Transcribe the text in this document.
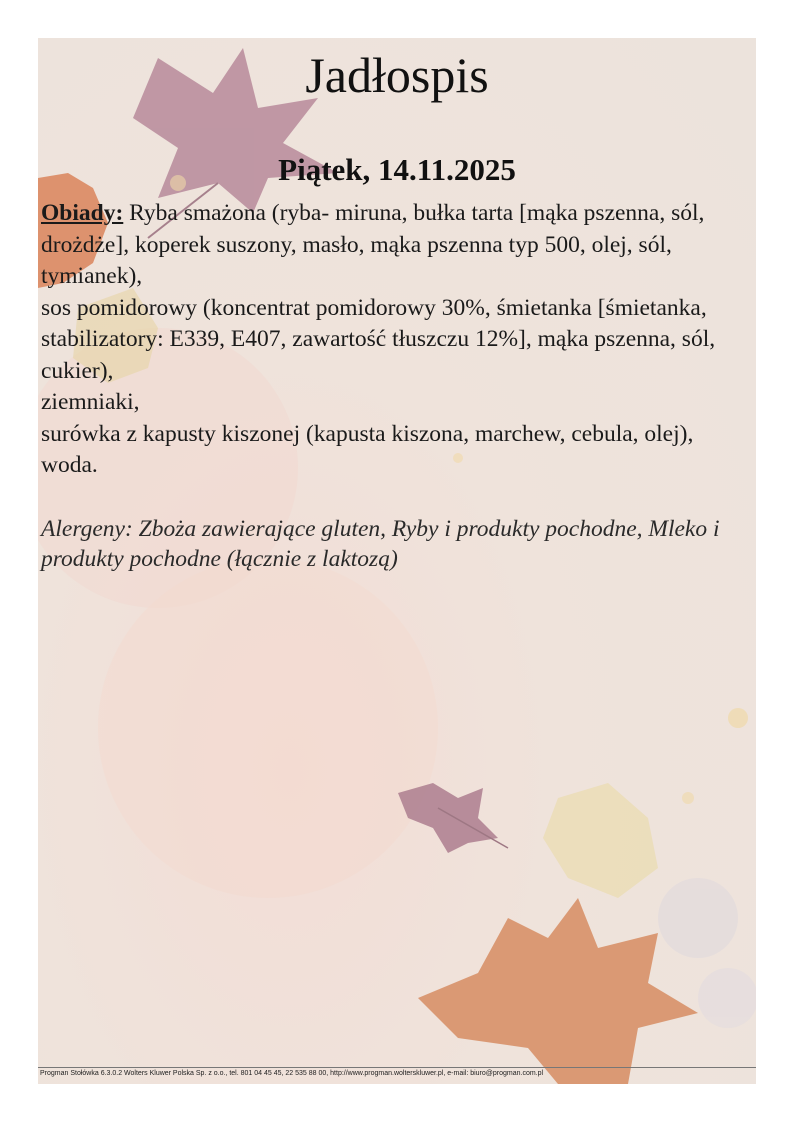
Jadłospis
Piątek, 14.11.2025

Obiady: Ryba smażona (ryba- miruna, bułka tarta [mąka pszenna, sól, drożdże], koperek suszony, masło, mąka pszenna typ 500, olej, sól, tymianek),

sos pomidorowy (koncentrat pomidorowy 30%, śmietanka [śmietanka, stabilizatory: E339, E407, zawartość tłuszczu 12%], mąka pszenna, sól, cukier),

ziemniaki,

surówka z kapusty kiszonej (kapusta kiszona, marchew, cebula, olej),

woda.

Alergeny: Zboża zawierające gluten, Ryby i produkty pochodne, Mleko i produkty pochodne (łącznie z laktozą)
Progman Stołówka 6.3.0.2 Wolters Kluwer Polska Sp. z o.o., tel. 801 04 45 45, 22 535 88 00, http://www.progman.wolterskluwer.pl, e-mail: biuro@progman.com.pl
